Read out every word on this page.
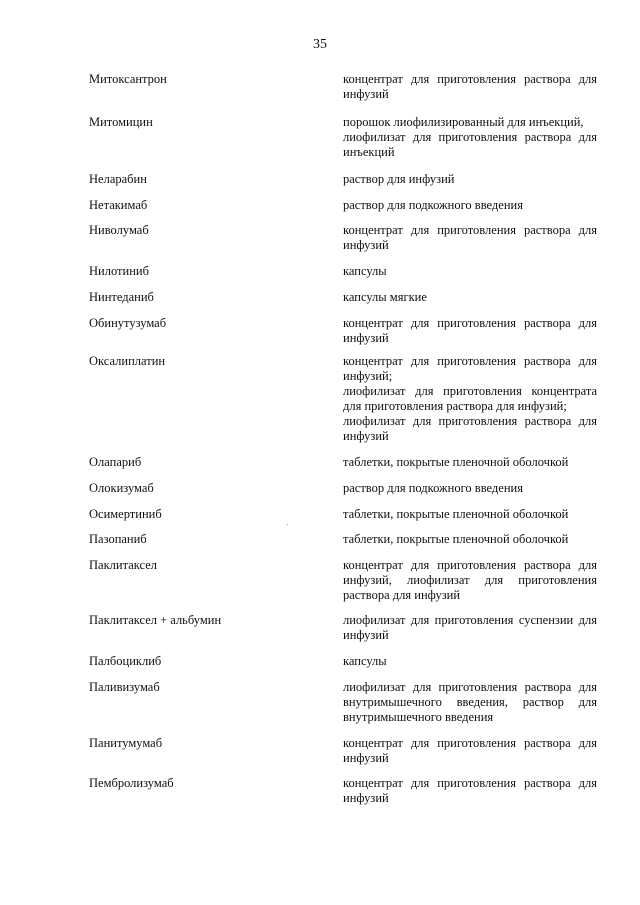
35
Митоксантрон	концентрат для приготовления раствора для инфузий
Митомицин	порошок лиофилизированный для инъекций,
лиофилизат для приготовления раствора для инъекций
Неларабин	раствор для инфузий
Нетакимаб	раствор для подкожного введения
Ниволумаб	концентрат для приготовления раствора для инфузий
Нилотиниб	капсулы
Нинтеданиб	капсулы мягкие
Обинутузумаб	концентрат для приготовления раствора для инфузий
Оксалиплатин	концентрат для приготовления раствора для инфузий;
лиофилизат для приготовления концентрата для приготовления раствора для инфузий;
лиофилизат для приготовления раствора для инфузий
Олапариб	таблетки, покрытые пленочной оболочкой
Олокизумаб	раствор для подкожного введения
Осимертиниб	таблетки, покрытые пленочной оболочкой
Пазопаниб	таблетки, покрытые пленочной оболочкой
Паклитаксел	концентрат для приготовления раствора для инфузий, лиофилизат для приготовления раствора для инфузий
Паклитаксел + альбумин	лиофилизат для приготовления суспензии для инфузий
Палбоциклиб	капсулы
Паливизумаб	лиофилизат для приготовления раствора для внутримышечного введения, раствор для внутримышечного введения
Панитумумаб	концентрат для приготовления раствора для инфузий
Пембролизумаб	концентрат для приготовления раствора для инфузий
